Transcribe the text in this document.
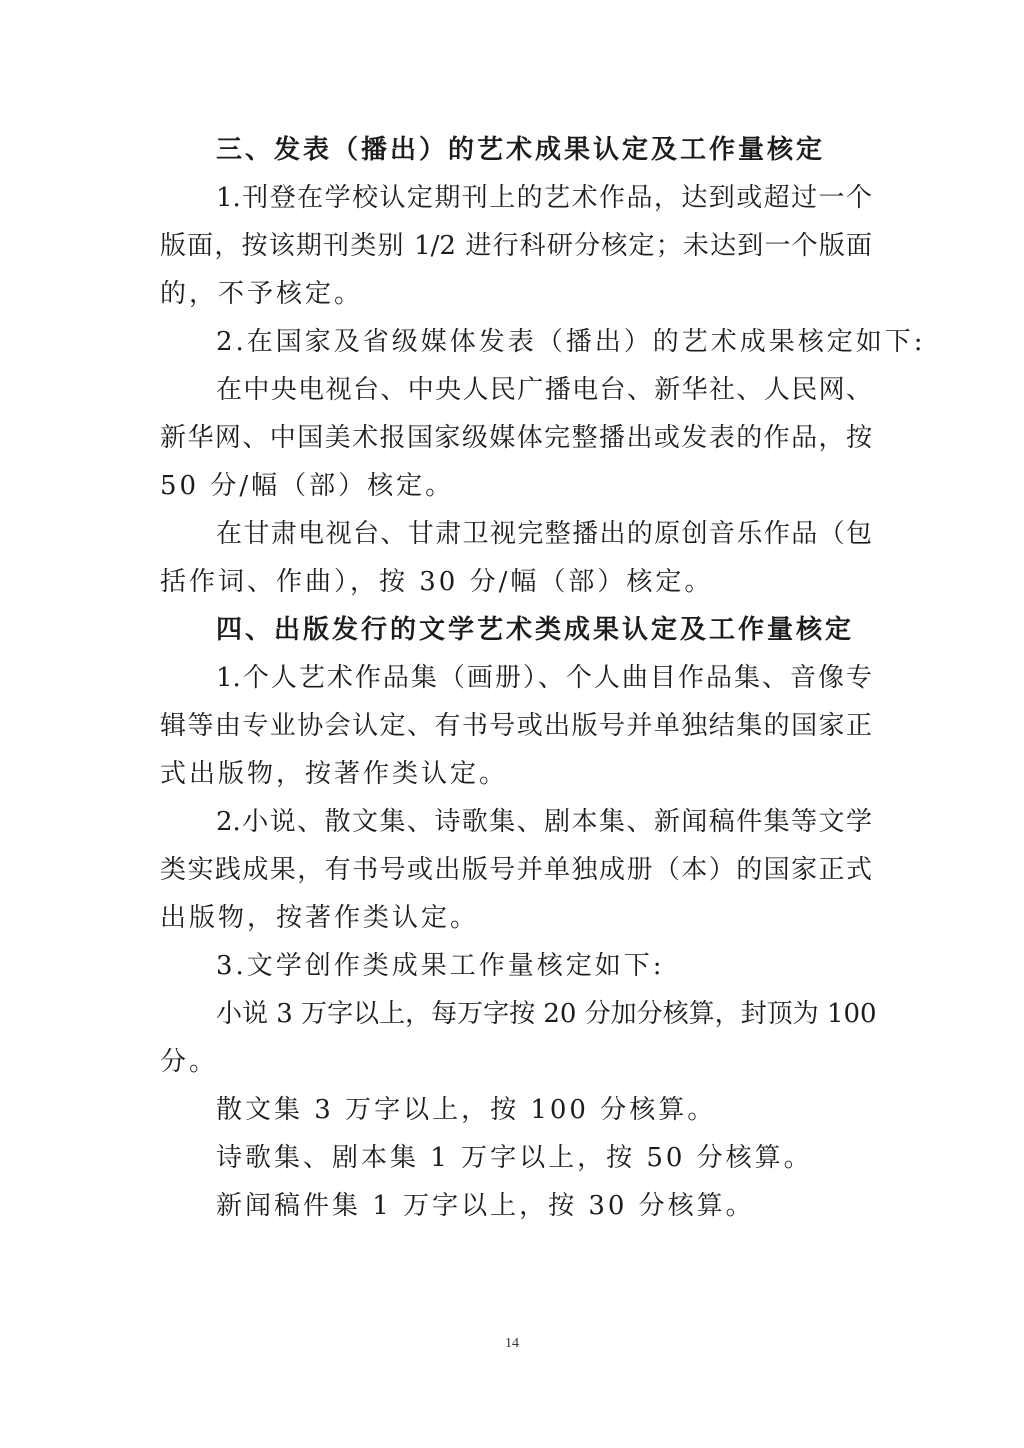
三、发表（播出）的艺术成果认定及工作量核定
1.刊登在学校认定期刊上的艺术作品，达到或超过一个
版面，按该期刊类别 1/2 进行科研分核定；未达到一个版面
的，不予核定。
2.在国家及省级媒体发表（播出）的艺术成果核定如下:
在中央电视台、中央人民广播电台、新华社、人民网、
新华网、中国美术报国家级媒体完整播出或发表的作品，按
50 分/幅（部）核定。
在甘肃电视台、甘肃卫视完整播出的原创音乐作品（包
括作词、作曲），按 30 分/幅（部）核定。
四、出版发行的文学艺术类成果认定及工作量核定
1.个人艺术作品集（画册）、个人曲目作品集、音像专
辑等由专业协会认定、有书号或出版号并单独结集的国家正
式出版物，按著作类认定。
2.小说、散文集、诗歌集、剧本集、新闻稿件集等文学
类实践成果，有书号或出版号并单独成册（本）的国家正式
出版物，按著作类认定。
3.文学创作类成果工作量核定如下:
小说 3 万字以上，每万字按 20 分加分核算，封顶为 100
分。
散文集 3 万字以上，按 100 分核算。
诗歌集、剧本集 1 万字以上，按 50 分核算。
新闻稿件集 1 万字以上，按 30 分核算。
14
